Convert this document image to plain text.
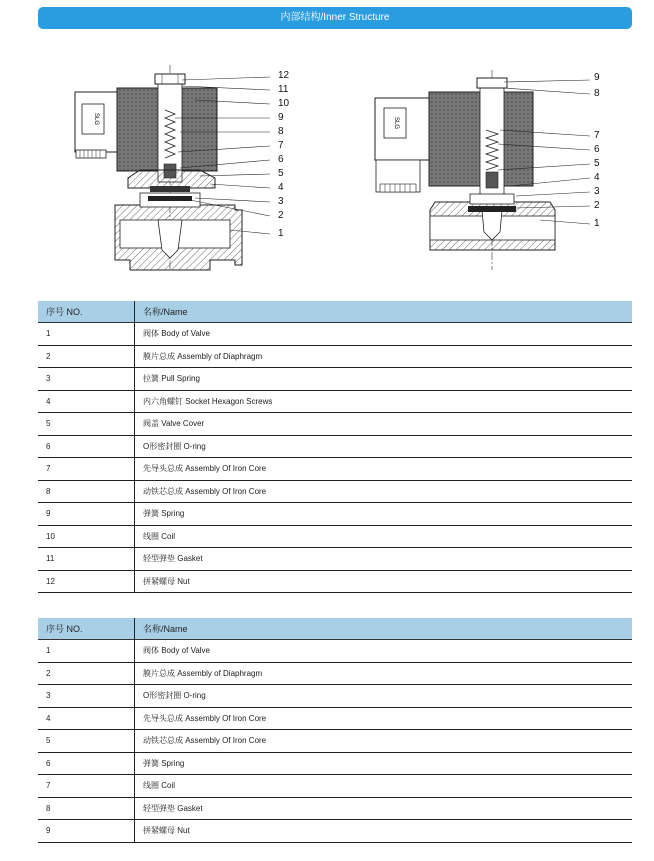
内部结构/Inner Structure
SLG
12
11
10
9
8
7
6
5
4
3
2
1
SLG
9
8
7
6
5
4
3
2
1
序号 NO.	名称/Name
1	阀体 Body of Valve
2	膜片总成 Assembly of Diaphragm
3	拉簧 Pull Spring
4	内六角螺钉 Socket Hexagon Screws
5	阀盖 Valve Cover
6	O形密封圈 O-ring
7	先导头总成 Assembly Of Iron Core
8	动铁芯总成 Assembly Of Iron Core
9	弹簧 Spring
10	线圈 Coil
11	轻型弹垫 Gasket
12	拼紧螺母 Nut
序号 NO.	名称/Name
1	阀体 Body of Valve
2	膜片总成 Assembly of Diaphragm
3	O形密封圈 O-ring
4	先导头总成 Assembly Of Iron Core
5	动铁芯总成 Assembly Of Iron Core
6	弹簧 Spring
7	线圈 Coil
8	轻型弹垫 Gasket
9	拼紧螺母 Nut
